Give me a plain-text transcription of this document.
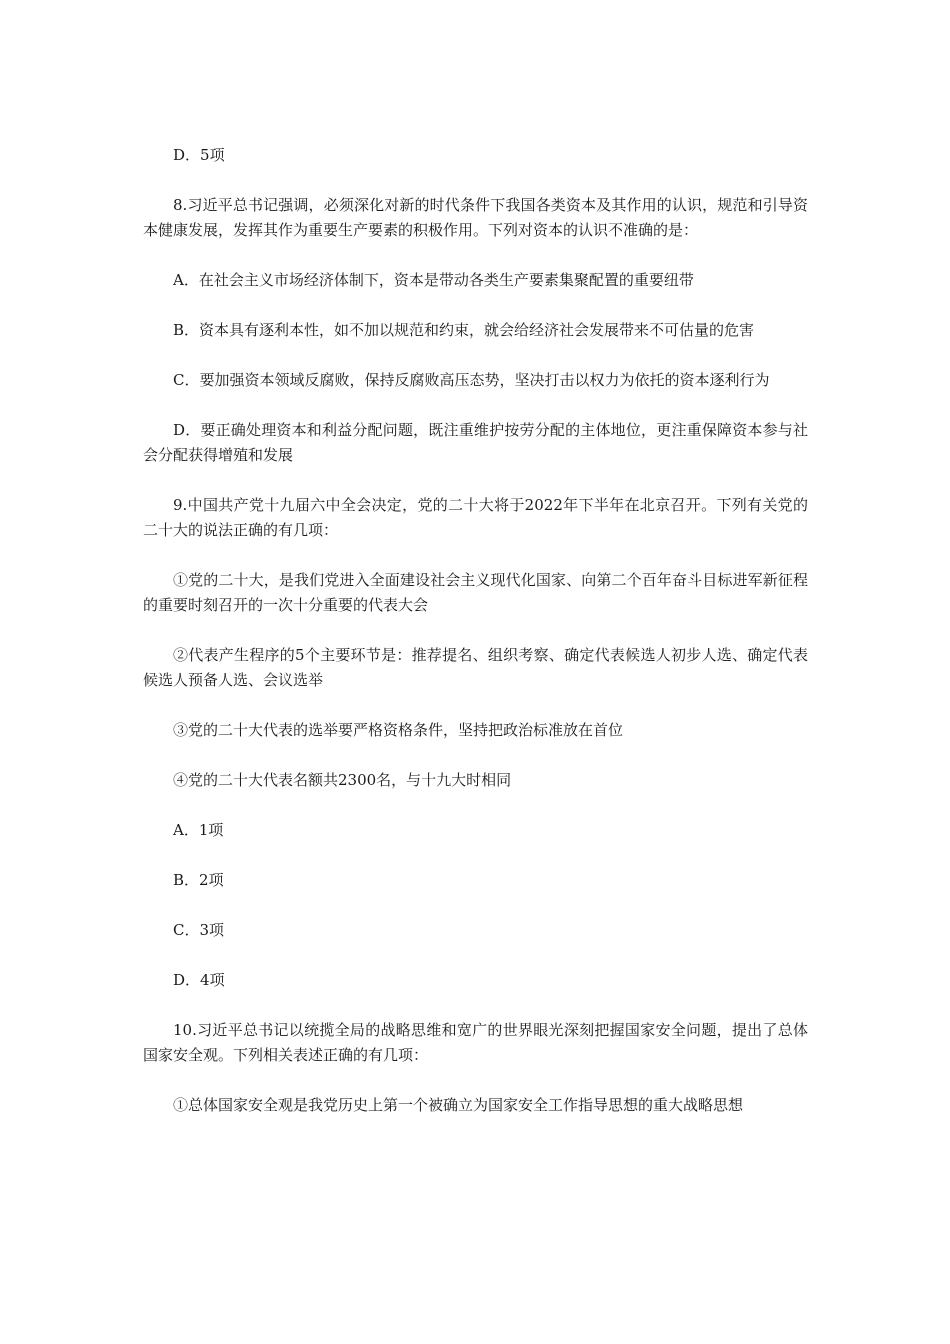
D．5项

8.习近平总书记强调，必须深化对新的时代条件下我国各类资本及其作用的认识，规范和引导资本健康发展，发挥其作为重要生产要素的积极作用。下列对资本的认识不准确的是：

A．在社会主义市场经济体制下，资本是带动各类生产要素集聚配置的重要纽带

B．资本具有逐利本性，如不加以规范和约束，就会给经济社会发展带来不可估量的危害

C．要加强资本领域反腐败，保持反腐败高压态势，坚决打击以权力为依托的资本逐利行为

D．要正确处理资本和利益分配问题，既注重维护按劳分配的主体地位，更注重保障资本参与社会分配获得增殖和发展

9.中国共产党十九届六中全会决定，党的二十大将于2022年下半年在北京召开。下列有关党的二十大的说法正确的有几项：

①党的二十大，是我们党进入全面建设社会主义现代化国家、向第二个百年奋斗目标进军新征程的重要时刻召开的一次十分重要的代表大会

②代表产生程序的5个主要环节是：推荐提名、组织考察、确定代表候选人初步人选、确定代表候选人预备人选、会议选举

③党的二十大代表的选举要严格资格条件，坚持把政治标准放在首位

④党的二十大代表名额共2300名，与十九大时相同

A．1项

B．2项

C．3项

D．4项

10.习近平总书记以统揽全局的战略思维和宽广的世界眼光深刻把握国家安全问题，提出了总体国家安全观。下列相关表述正确的有几项：

①总体国家安全观是我党历史上第一个被确立为国家安全工作指导思想的重大战略思想
